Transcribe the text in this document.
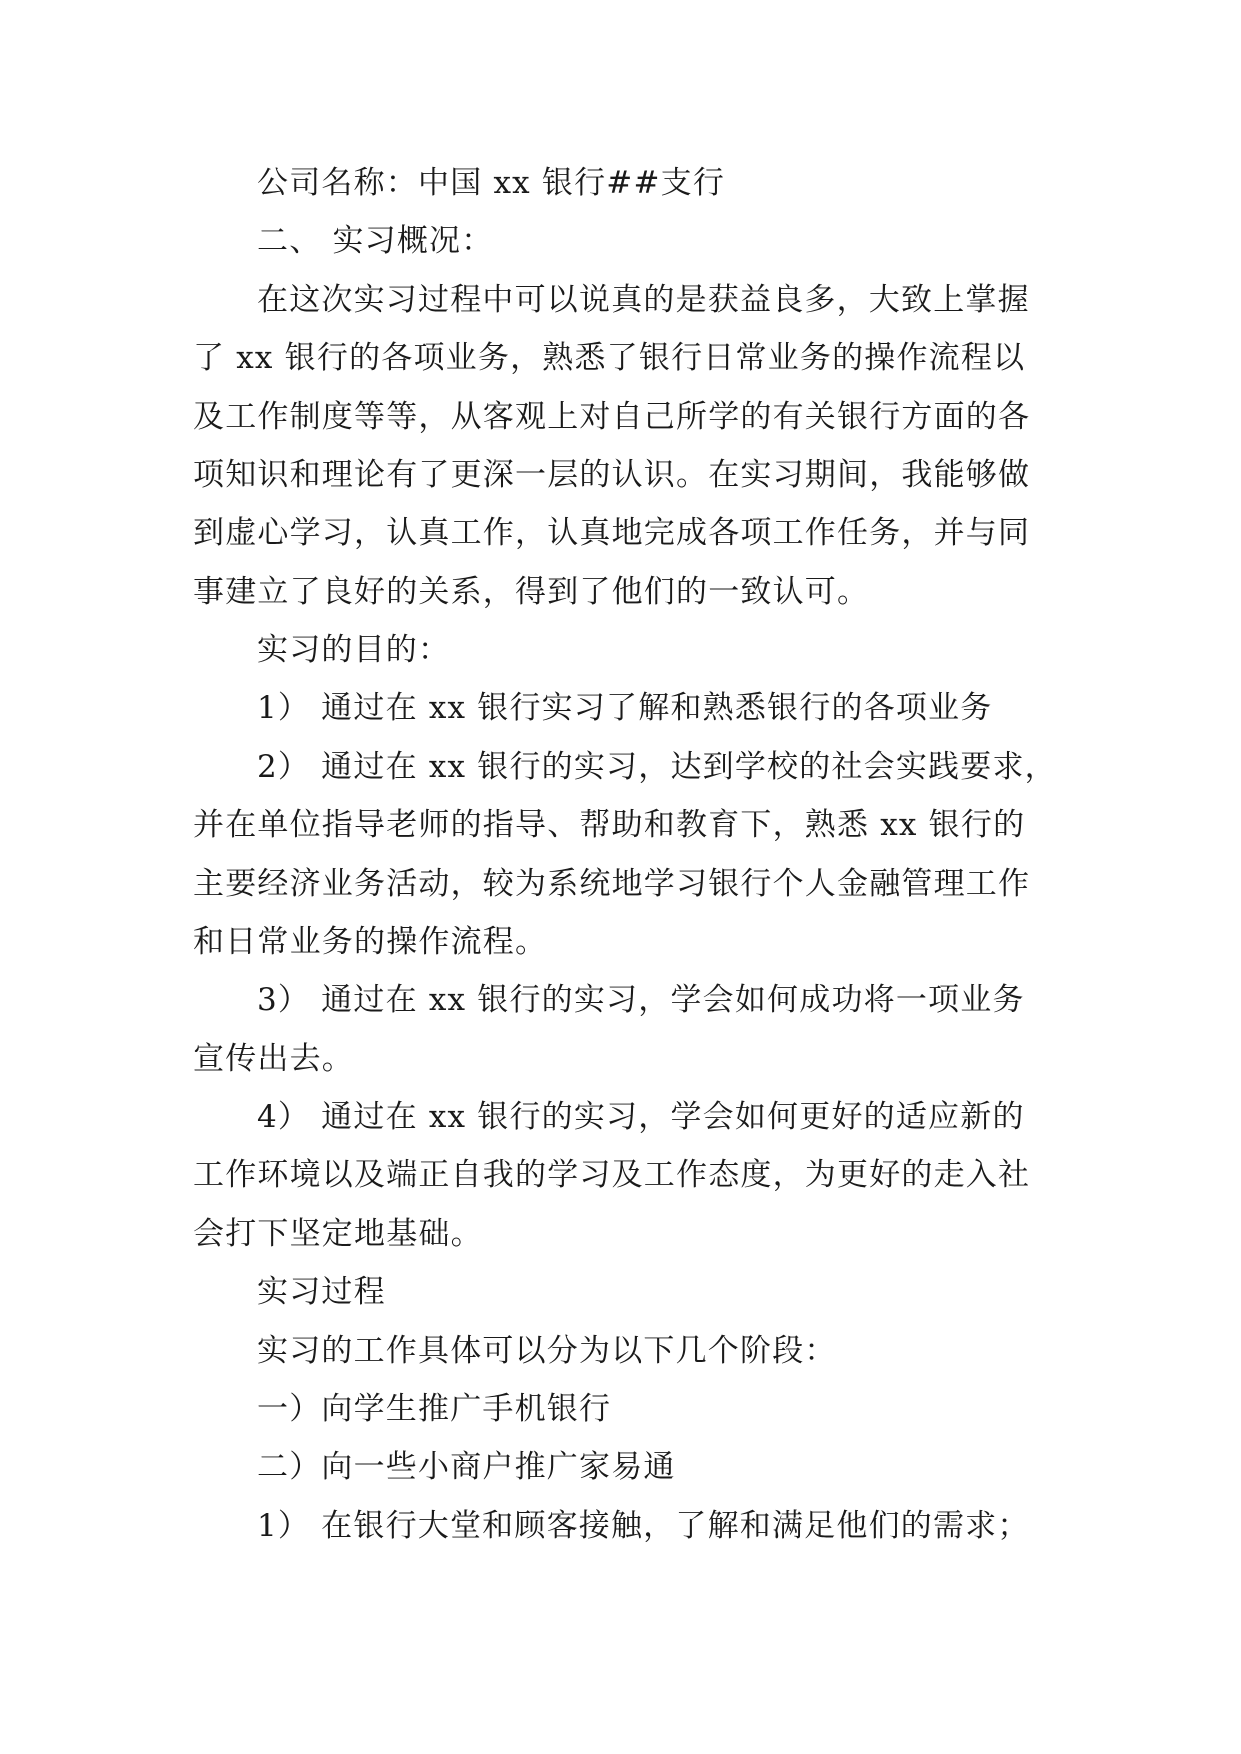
公司名称：中国 xx 银行##支行
二、 实习概况：
在这次实习过程中可以说真的是获益良多，大致上掌握
了 xx 银行的各项业务，熟悉了银行日常业务的操作流程以
及工作制度等等，从客观上对自己所学的有关银行方面的各
项知识和理论有了更深一层的认识。在实习期间，我能够做
到虚心学习，认真工作，认真地完成各项工作任务，并与同
事建立了良好的关系，得到了他们的一致认可。
实习的目的：
1） 通过在 xx 银行实习了解和熟悉银行的各项业务
2） 通过在 xx 银行的实习，达到学校的社会实践要求，
并在单位指导老师的指导、帮助和教育下，熟悉 xx 银行的
主要经济业务活动，较为系统地学习银行个人金融管理工作
和日常业务的操作流程。
3） 通过在 xx 银行的实习，学会如何成功将一项业务
宣传出去。
4） 通过在 xx 银行的实习，学会如何更好的适应新的
工作环境以及端正自我的学习及工作态度，为更好的走入社
会打下坚定地基础。
实习过程
实习的工作具体可以分为以下几个阶段：
一）向学生推广手机银行
二）向一些小商户推广家易通
1） 在银行大堂和顾客接触，了解和满足他们的需求；
